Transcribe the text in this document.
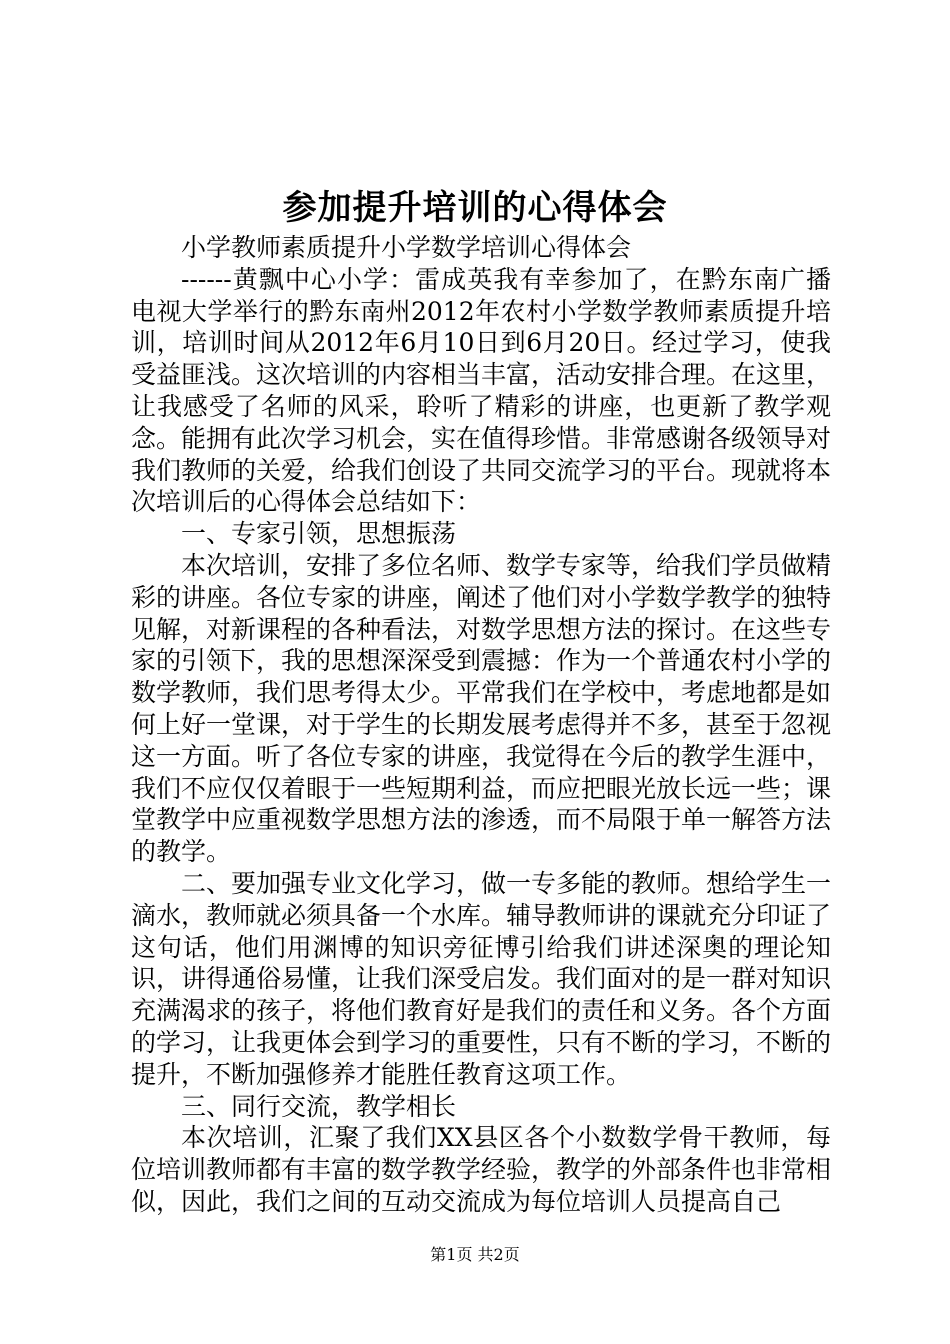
参加提升培训的心得体会

小学教师素质提升小学数学培训心得体会

------黄飘中心小学：雷成英我有幸参加了，在黔东南广播电视大学举行的黔东南州2012年农村小学数学教师素质提升培训，培训时间从2012年6月10日到6月20日。经过学习，使我受益匪浅。这次培训的内容相当丰富，活动安排合理。在这里，让我感受了名师的风采，聆听了精彩的讲座，也更新了教学观念。能拥有此次学习机会，实在值得珍惜。非常感谢各级领导对我们教师的关爱，给我们创设了共同交流学习的平台。现就将本次培训后的心得体会总结如下：

一、专家引领，思想振荡

本次培训，安排了多位名师、数学专家等，给我们学员做精彩的讲座。各位专家的讲座，阐述了他们对小学数学教学的独特见解，对新课程的各种看法，对数学思想方法的探讨。在这些专家的引领下，我的思想深深受到震撼：作为一个普通农村小学的数学教师，我们思考得太少。平常我们在学校中，考虑地都是如何上好一堂课，对于学生的长期发展考虑得并不多，甚至于忽视这一方面。听了各位专家的讲座，我觉得在今后的教学生涯中，我们不应仅仅着眼于一些短期利益，而应把眼光放长远一些；课堂教学中应重视数学思想方法的渗透，而不局限于单一解答方法的教学。

二、要加强专业文化学习，做一专多能的教师。想给学生一滴水，教师就必须具备一个水库。辅导教师讲的课就充分印证了这句话，他们用渊博的知识旁征博引给我们讲述深奥的理论知识，讲得通俗易懂，让我们深受启发。我们面对的是一群对知识充满渴求的孩子，将他们教育好是我们的责任和义务。各个方面的学习，让我更体会到学习的重要性，只有不断的学习，不断的提升，不断加强修养才能胜任教育这项工作。

三、同行交流，教学相长

本次培训，汇聚了我们XX县区各个小数数学骨干教师，每位培训教师都有丰富的数学教学经验，教学的外部条件也非常相似，因此，我们之间的互动交流成为每位培训人员提高自己

第1页 共2页
